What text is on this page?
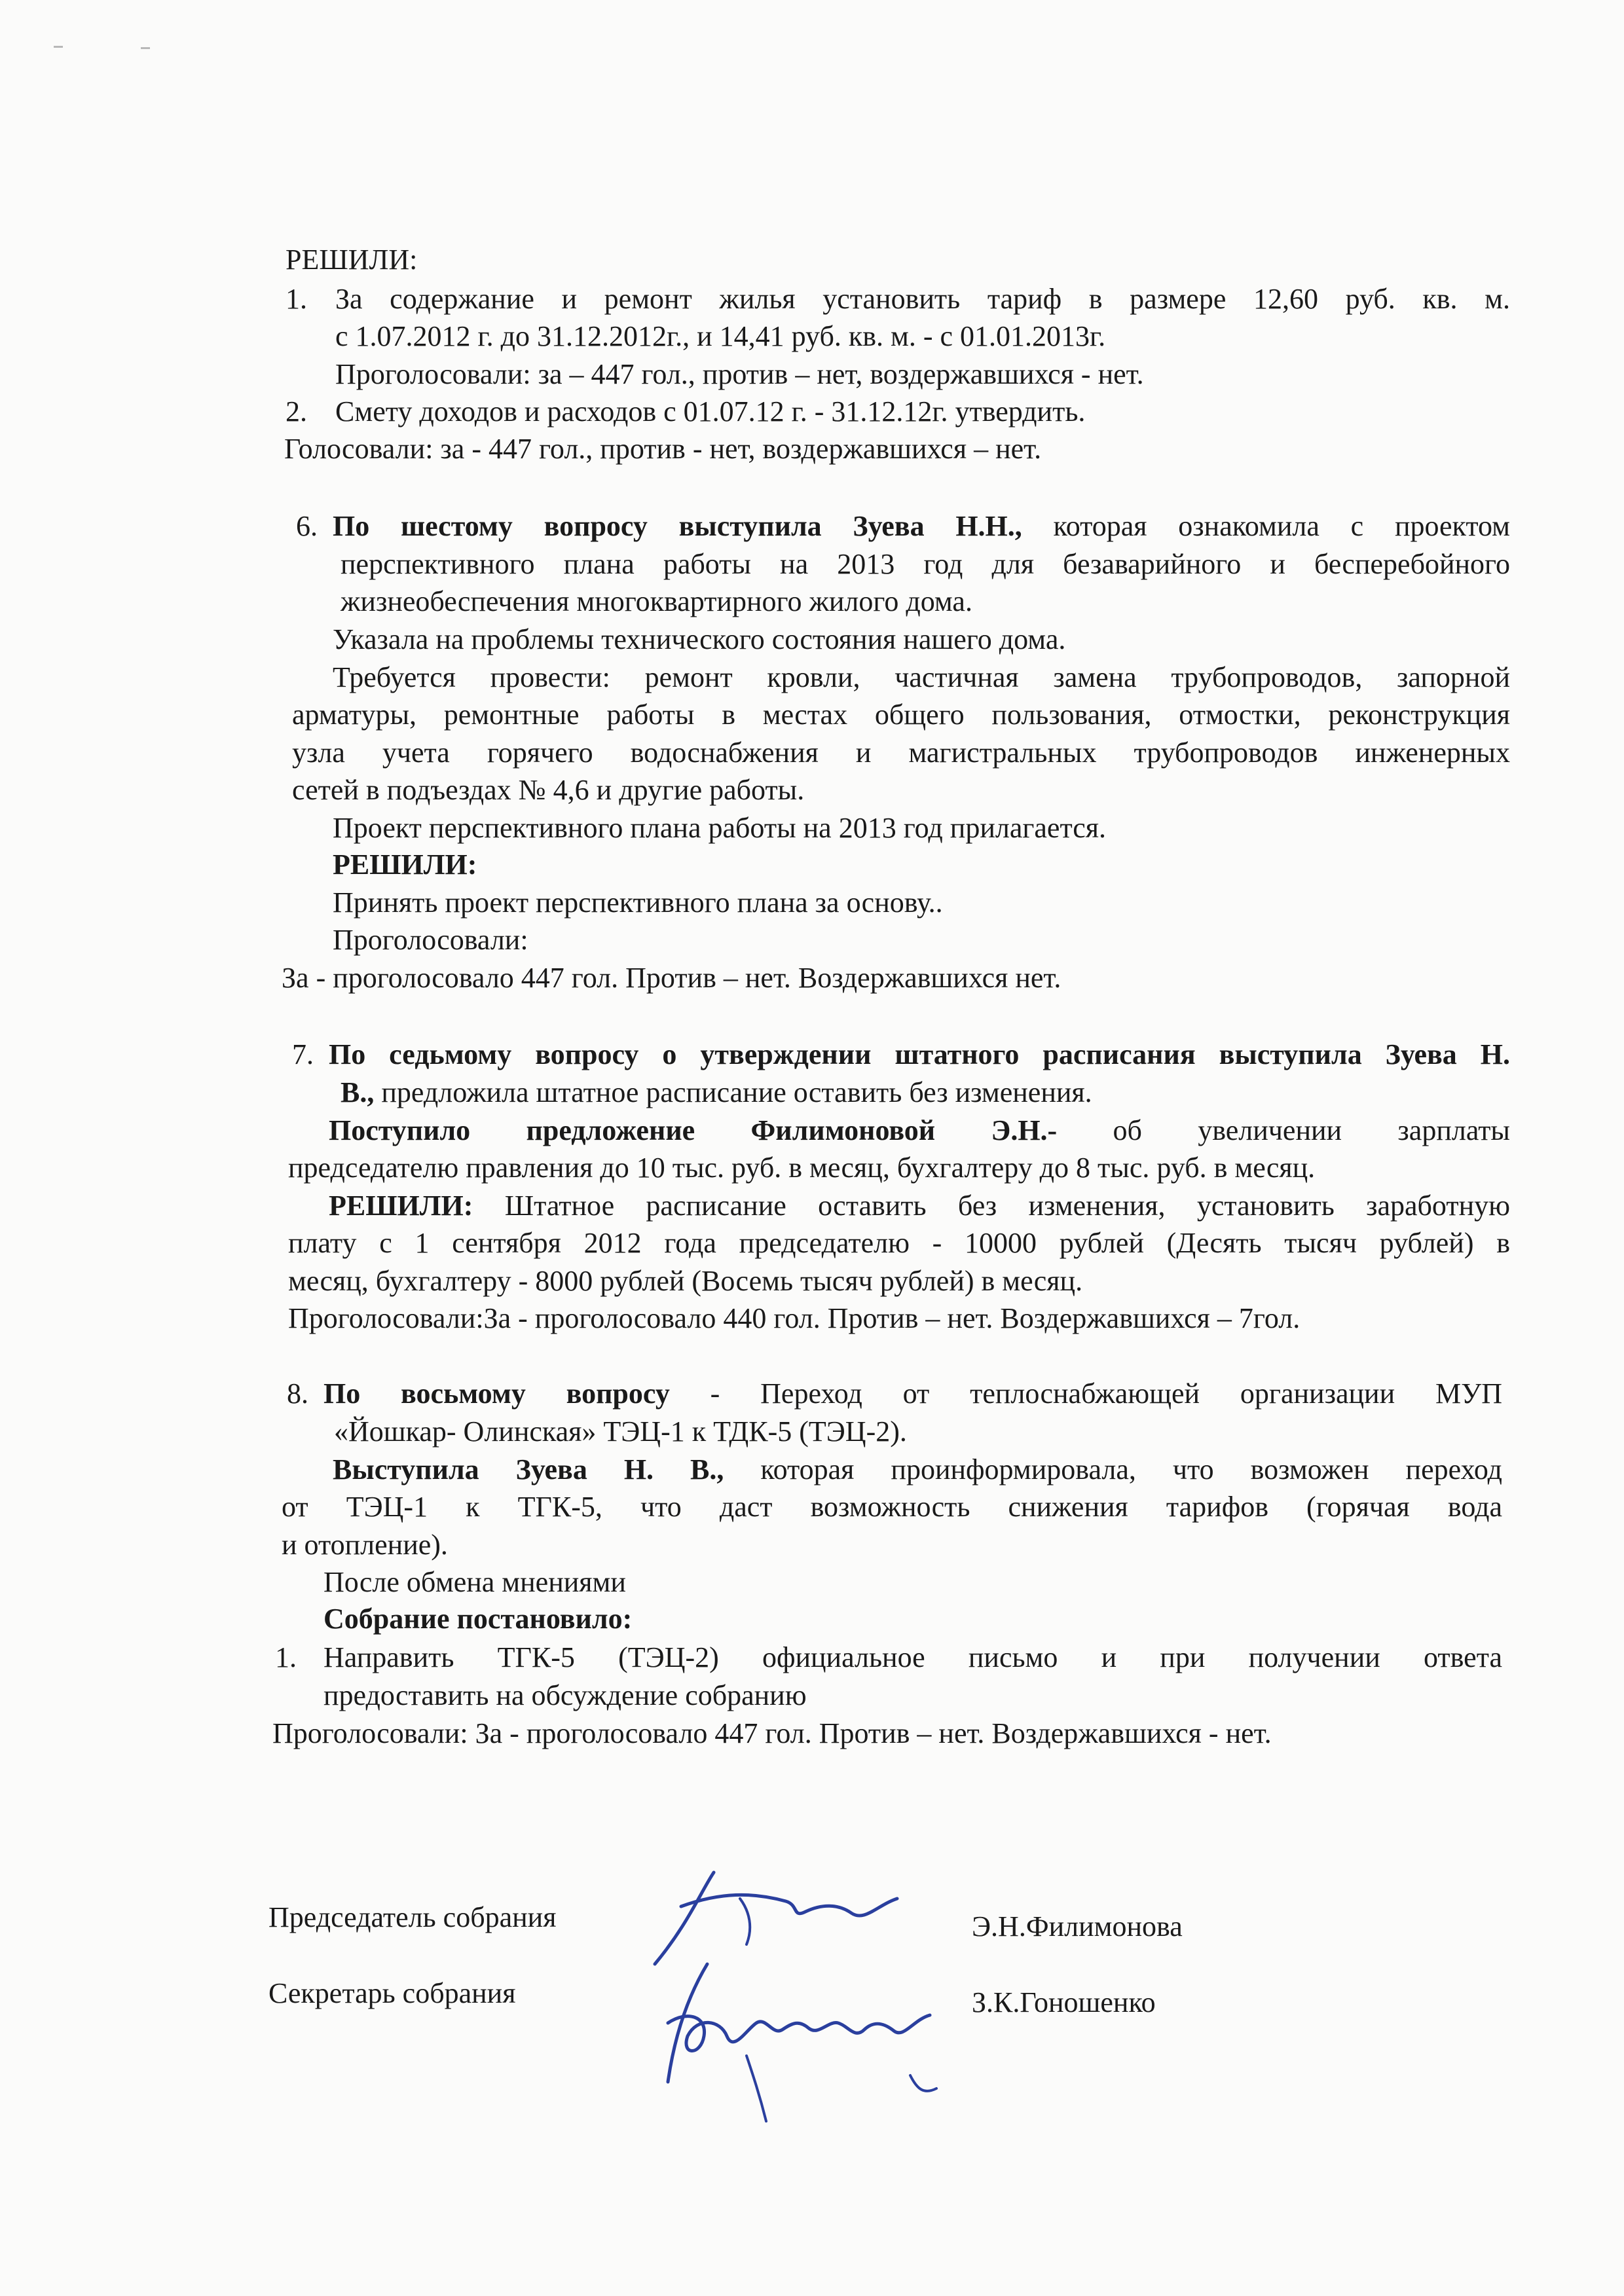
РЕШИЛИ:
1. За содержание и ремонт жилья установить тариф в размере 12,60 руб. кв. м.
с 1.07.2012 г. до 31.12.2012г., и 14,41 руб. кв. м. - с 01.01.2013г.
Проголосовали: за – 447 гол., против – нет, воздержавшихся - нет.
2. Смету доходов и расходов с 01.07.12 г. - 31.12.12г. утвердить.
Голосовали: за - 447 гол., против - нет, воздержавшихся – нет.
6. По шестому вопросу выступила Зуева Н.Н., которая ознакомила с проектом
перспективного плана работы на 2013 год для безаварийного и бесперебойного
жизнеобеспечения многоквартирного жилого дома.
Указала на проблемы технического состояния нашего дома.
Требуется провести: ремонт кровли, частичная замена трубопроводов, запорной
арматуры, ремонтные работы в местах общего пользования, отмостки, реконструкция
узла учета горячего водоснабжения и магистральных трубопроводов инженерных
сетей в подъездах № 4,6 и другие работы.
Проект перспективного плана работы на 2013 год прилагается.
РЕШИЛИ:
Принять проект перспективного плана за основу..
Проголосовали:
За - проголосовало 447 гол. Против – нет. Воздержавшихся нет.
7. По седьмому вопросу о утверждении штатного расписания выступила Зуева Н.
В., предложила штатное расписание оставить без изменения.
Поступило предложение Филимоновой Э.Н.- об увеличении зарплаты
председателю правления до 10 тыс. руб. в месяц, бухгалтеру до 8 тыс. руб. в месяц.
РЕШИЛИ: Штатное расписание оставить без изменения, установить заработную
плату с 1 сентября 2012 года председателю - 10000 рублей (Десять тысяч рублей) в
месяц, бухгалтеру - 8000 рублей (Восемь тысяч рублей) в месяц.
Проголосовали:За - проголосовало 440 гол. Против – нет. Воздержавшихся – 7гол.
8. По восьмому вопросу - Переход от теплоснабжающей организации МУП
«Йошкар- Олинская» ТЭЦ-1 к ТДК-5 (ТЭЦ-2).
Выступила Зуева Н. В., которая проинформировала, что возможен переход
от ТЭЦ-1 к ТГК-5, что даст возможность снижения тарифов (горячая вода
и отопление).
После обмена мнениями
Собрание постановило:
1. Направить ТГК-5 (ТЭЦ-2) официальное письмо и при получении ответа
предоставить на обсуждение собранию
Проголосовали: За - проголосовало 447 гол. Против – нет. Воздержавшихся - нет.
Председатель собрания	Э.Н.Филимонова
Секретарь собрания	З.К.Гоношенко
